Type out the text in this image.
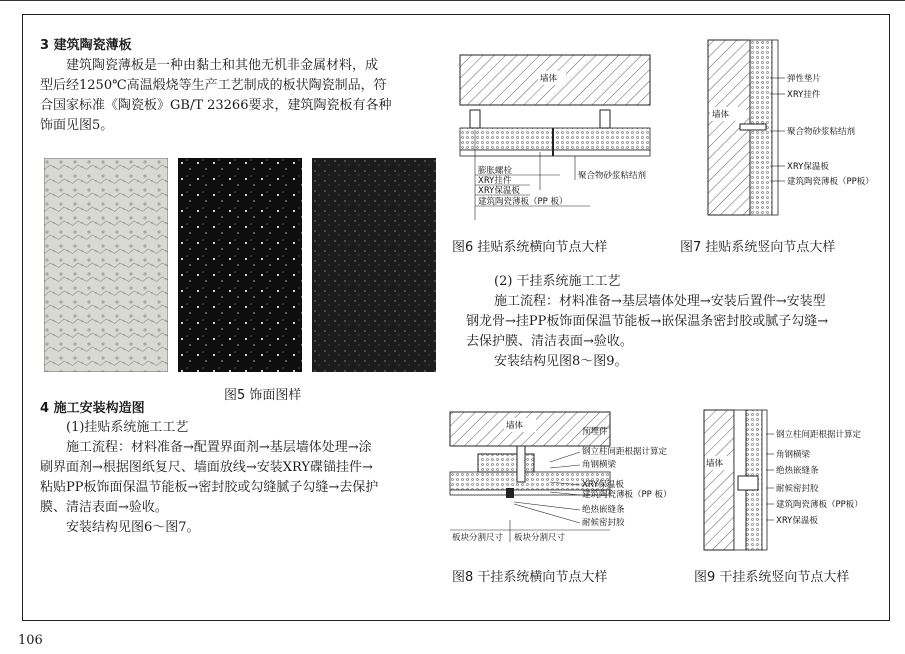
3 建筑陶瓷薄板
建筑陶瓷薄板是一种由黏土和其他无机非金属材料，成
型后经1250℃高温煅烧等生产工艺制成的板状陶瓷制品，符
合国家标准《陶瓷板》GB/T 23266要求，建筑陶瓷板有各种
饰面见图5。
图5 饰面图样
4 施工安装构造图
(1)挂贴系统施工工艺
施工流程：材料准备→配置界面剂→基层墙体处理→涂
刷界面剂→根据图纸复尺、墙面放线→安装XRY碟锚挂件→
粘贴PP板饰面保温节能板→密封胶或勾缝腻子勾缝→去保护
膜、清洁表面→验收。
安装结构见图6～图7。
墙体
膨胀螺栓
XRY挂件
XRY保温板
建筑陶瓷薄板（PP 板）
聚合物砂浆粘结剂
图6 挂贴系统横向节点大样
墙体
弹性垫片
XRY挂件
聚合物砂浆粘结剂
XRY保温板
建筑陶瓷薄板（PP板）
图7 挂贴系统竖向节点大样
(2) 干挂系统施工工艺
施工流程：材料准备→基层墙体处理→安装后置件→安装型
钢龙骨→挂PP板饰面保温节能板→嵌保温条密封胶或腻子勾缝→
去保护膜、清洁表面→验收。
安装结构见图8～图9。
墙体
预埋件
钢立柱间距根据计算定
角钢横梁
XRY保温板
建筑陶瓷薄板（PP 板）
绝热嵌缝条
耐候密封胶
板块分割尺寸 板块分割尺寸
图8 干挂系统横向节点大样
墙体
钢立柱间距根据计算定
角钢横梁
绝热嵌缝条
耐候密封胶
建筑陶瓷薄板（PP板）
XRY保温板
图9 干挂系统竖向节点大样
106
